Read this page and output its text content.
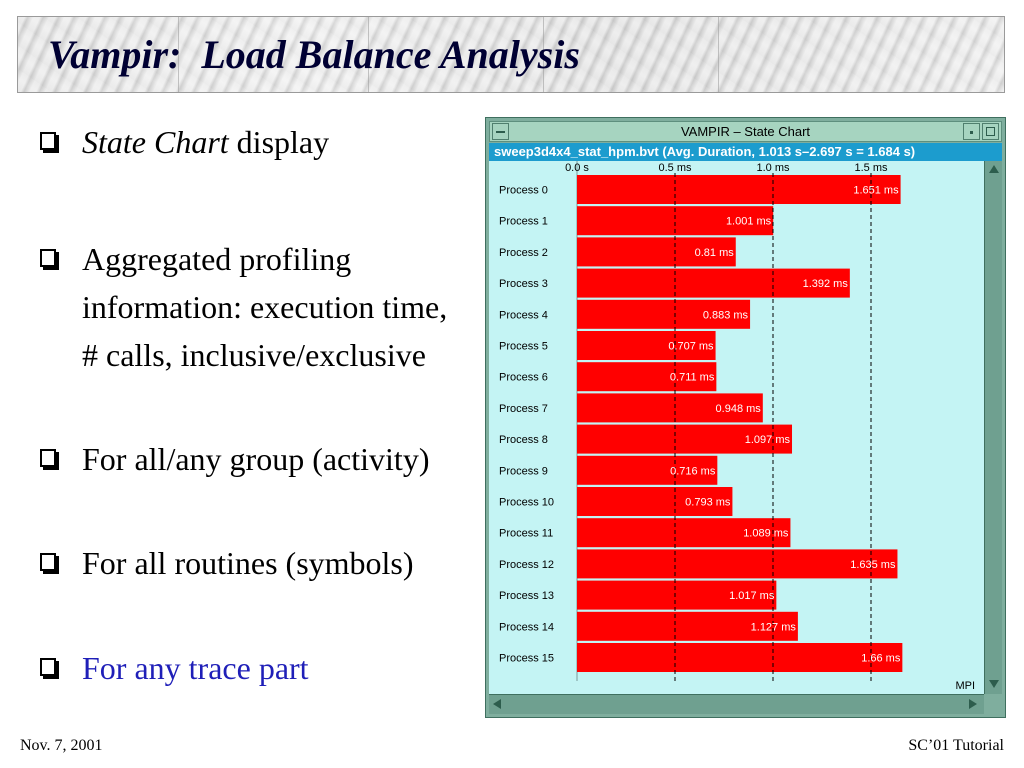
Vampir:  Load Balance Analysis
State Chart display
Aggregated profiling information: execution time, # calls, inclusive/exclusive
For all/any group (activity)
For all routines (symbols)
For any trace part
VAMPIR – State Chart
sweep3d4x4_stat_hpm.bvt (Avg. Duration, 1.013 s–2.697 s = 1.684 s)
0.0 s	0.5 ms	1.0 ms	1.5 ms
Process 0	1.651 ms
Process 1	1.001 ms
Process 2	0.81 ms
Process 3	1.392 ms
Process 4	0.883 ms
Process 5	0.707 ms
Process 6	0.711 ms
Process 7	0.948 ms
Process 8	1.097 ms
Process 9	0.716 ms
Process 10	0.793 ms
Process 11	1.089 ms
Process 12	1.635 ms
Process 13	1.017 ms
Process 14	1.127 ms
Process 15	1.66 ms
MPI
Nov. 7, 2001	SC’01 Tutorial
